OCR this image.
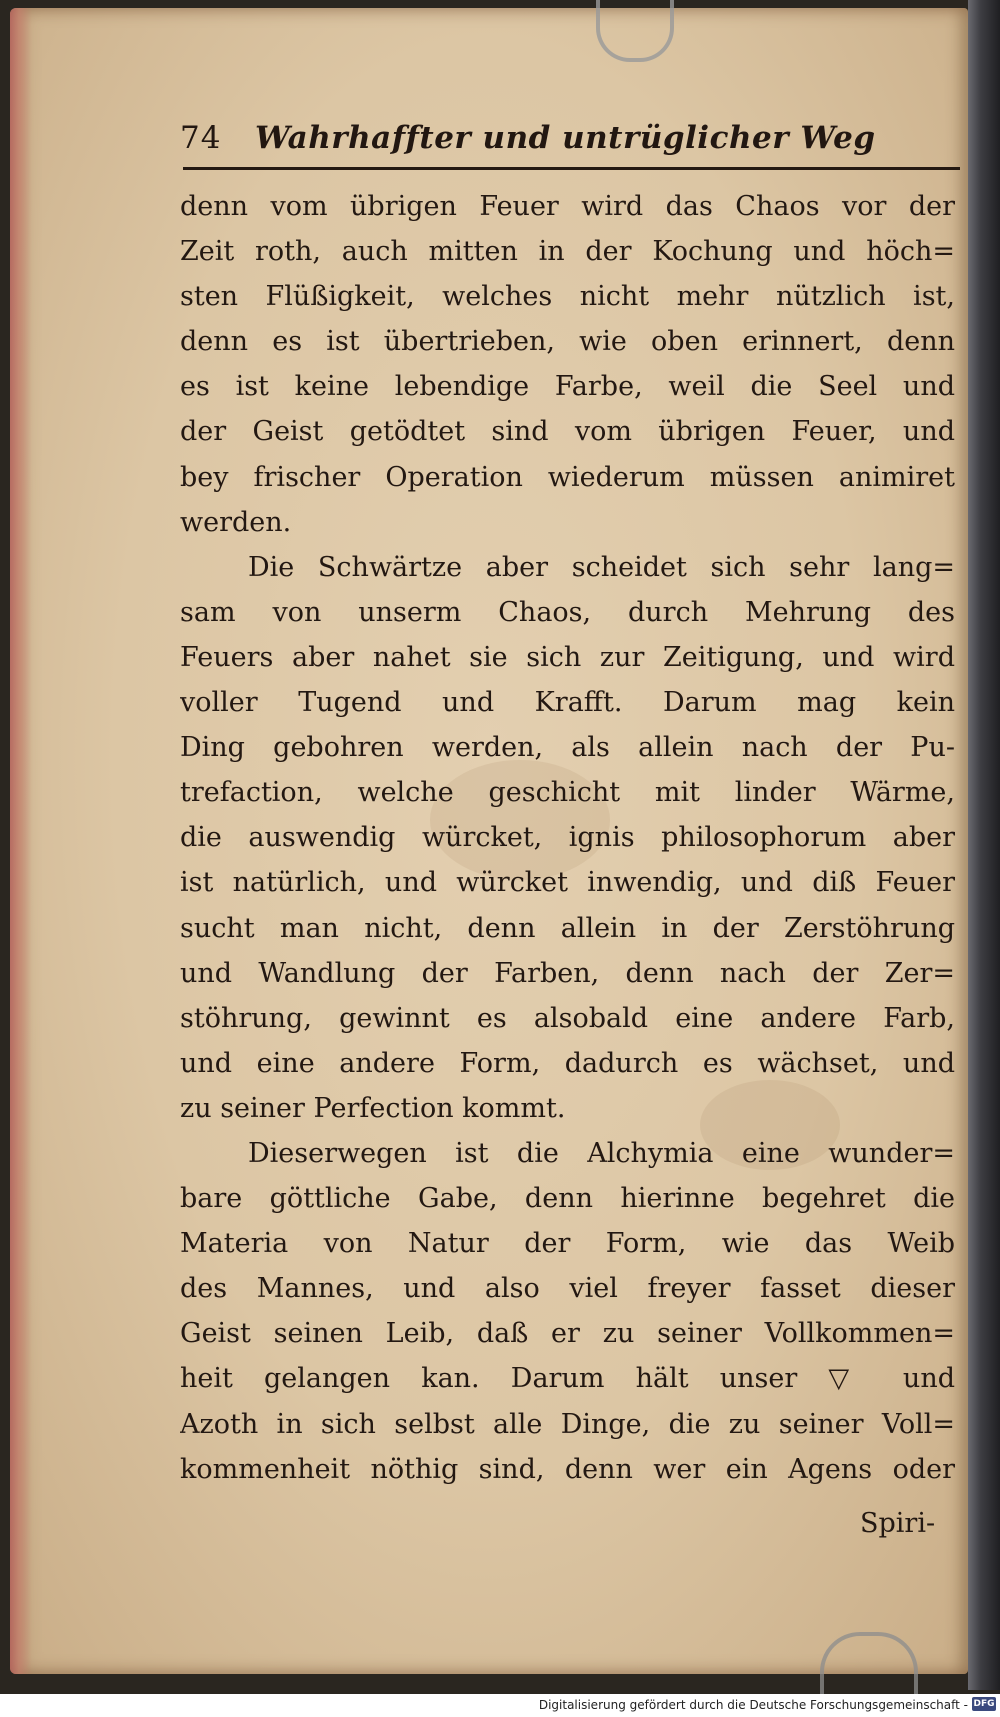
74 Wahrhaffter und untrüglicher Weg
denn vom übrigen Feuer wird das Chaos vor der
Zeit roth, auch mitten in der Kochung und höch=
sten Flüßigkeit, welches nicht mehr nützlich ist,
denn es ist übertrieben, wie oben erinnert, denn
es ist keine lebendige Farbe, weil die Seel und
der Geist getödtet sind vom übrigen Feuer, und
bey frischer Operation wiederum müssen animiret
werden.
Die Schwärtze aber scheidet sich sehr lang=
sam von unserm Chaos, durch Mehrung des
Feuers aber nahet sie sich zur Zeitigung, und wird
voller Tugend und Krafft. Darum mag kein
Ding gebohren werden, als allein nach der Pu-
trefaction, welche geschicht mit linder Wärme,
die auswendig würcket, ignis philosophorum aber
ist natürlich, und würcket inwendig, und diß Feuer
sucht man nicht, denn allein in der Zerstöhrung
und Wandlung der Farben, denn nach der Zer=
stöhrung, gewinnt es alsobald eine andere Farb,
und eine andere Form, dadurch es wächset, und
zu seiner Perfection kommt.
Dieserwegen ist die Alchymia eine wunder=
bare göttliche Gabe, denn hierinne begehret die
Materia von Natur der Form, wie das Weib
des Mannes, und also viel freyer fasset dieser
Geist seinen Leib, daß er zu seiner Vollkommen=
heit gelangen kan. Darum hält unser ▽ und
Azoth in sich selbst alle Dinge, die zu seiner Voll=
kommenheit nöthig sind, denn wer ein Agens oder
Spiri-
Digitalisierung gefördert durch die Deutsche Forschungsgemeinschaft - DFG
